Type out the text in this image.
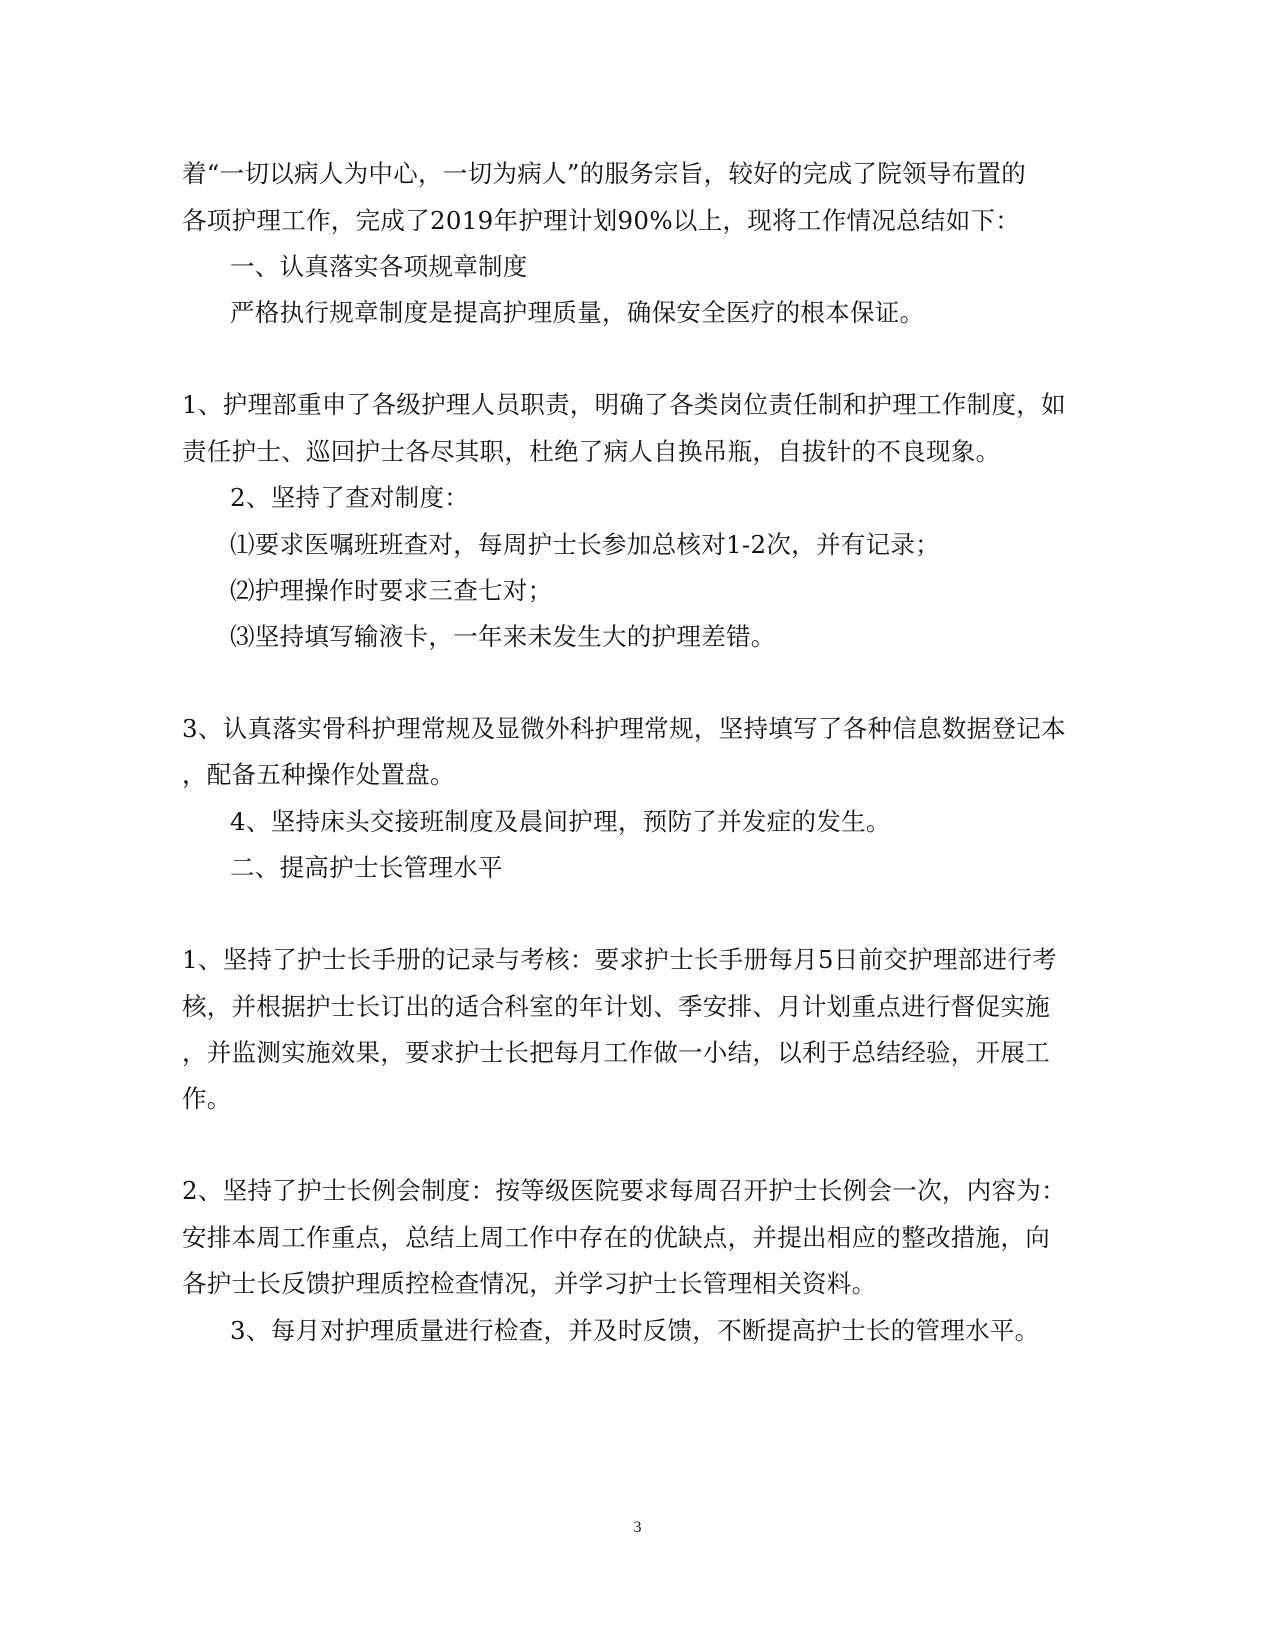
着“一切以病人为中心，一切为病人”的服务宗旨，较好的完成了院领导布置的
各项护理工作，完成了2019年护理计划90%以上，现将工作情况总结如下：
一、认真落实各项规章制度
严格执行规章制度是提高护理质量，确保安全医疗的根本保证。
1、护理部重申了各级护理人员职责，明确了各类岗位责任制和护理工作制度，如
责任护士、巡回护士各尽其职，杜绝了病人自换吊瓶，自拔针的不良现象。
2、坚持了查对制度：
⑴要求医嘱班班查对，每周护士长参加总核对1-2次，并有记录；
⑵护理操作时要求三查七对；
⑶坚持填写输液卡，一年来未发生大的护理差错。
3、认真落实骨科护理常规及显微外科护理常规，坚持填写了各种信息数据登记本
，配备五种操作处置盘。
4、坚持床头交接班制度及晨间护理，预防了并发症的发生。
二、提高护士长管理水平
1、坚持了护士长手册的记录与考核：要求护士长手册每月5日前交护理部进行考
核，并根据护士长订出的适合科室的年计划、季安排、月计划重点进行督促实施
，并监测实施效果，要求护士长把每月工作做一小结，以利于总结经验，开展工
作。
2、坚持了护士长例会制度：按等级医院要求每周召开护士长例会一次，内容为：
安排本周工作重点，总结上周工作中存在的优缺点，并提出相应的整改措施，向
各护士长反馈护理质控检查情况，并学习护士长管理相关资料。
3、每月对护理质量进行检查，并及时反馈，不断提高护士长的管理水平。
3
